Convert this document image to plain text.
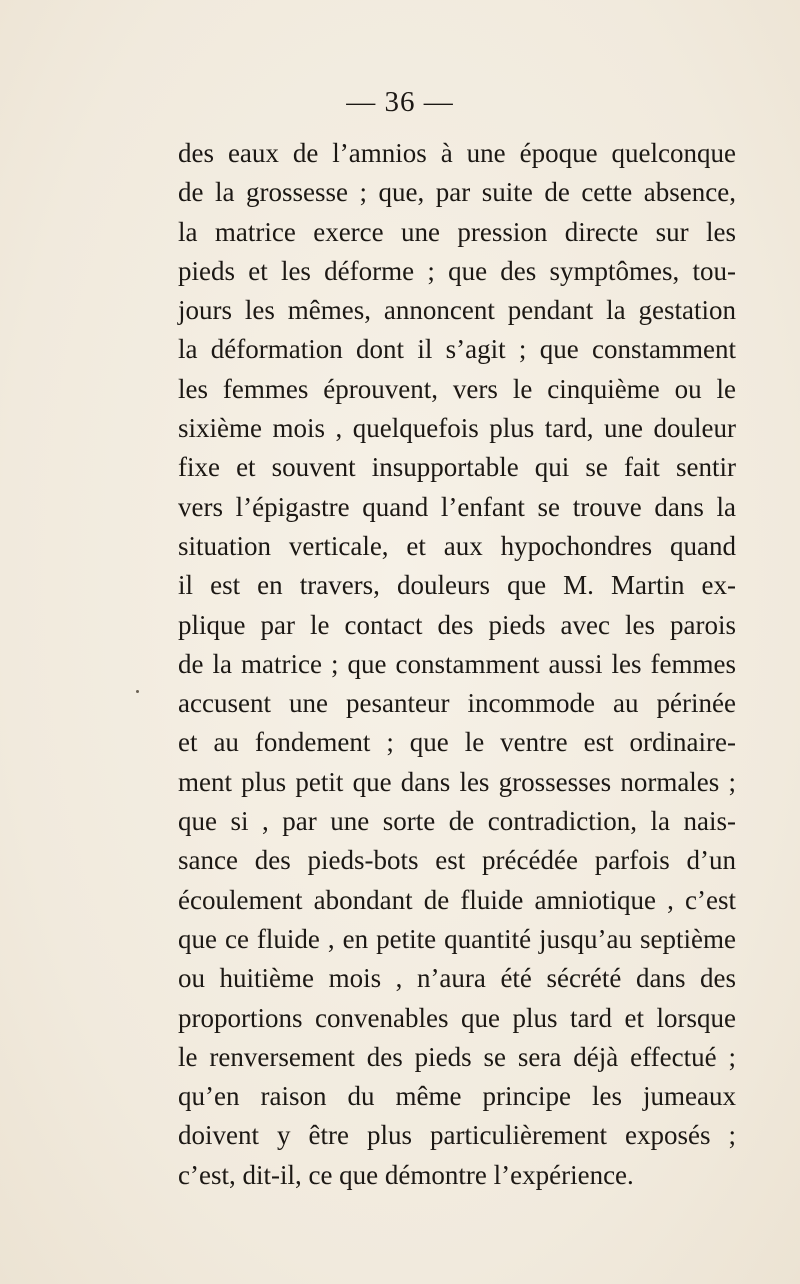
— 36 —
des eaux de l’amnios à une époque quelconque
de la grossesse ; que, par suite de cette absence,
la matrice exerce une pression directe sur les
pieds et les déforme ; que des symptômes, tou-
jours les mêmes, annoncent pendant la gestation
la déformation dont il s’agit ; que constamment
les femmes éprouvent, vers le cinquième ou le
sixième mois , quelquefois plus tard, une douleur
fixe et souvent insupportable qui se fait sentir
vers l’épigastre quand l’enfant se trouve dans la
situation verticale, et aux hypochondres quand
il est en travers, douleurs que M. Martin ex-
plique par le contact des pieds avec les parois
de la matrice ; que constamment aussi les femmes
accusent une pesanteur incommode au périnée
et au fondement ; que le ventre est ordinaire-
ment plus petit que dans les grossesses normales ;
que si , par une sorte de contradiction, la nais-
sance des pieds-bots est précédée parfois d’un
écoulement abondant de fluide amniotique , c’est
que ce fluide , en petite quantité jusqu’au septième
ou huitième mois , n’aura été sécrété dans des
proportions convenables que plus tard et lorsque
le renversement des pieds se sera déjà effectué ;
qu’en raison du même principe les jumeaux
doivent y être plus particulièrement exposés ;
c’est, dit-il, ce que démontre l’expérience.
